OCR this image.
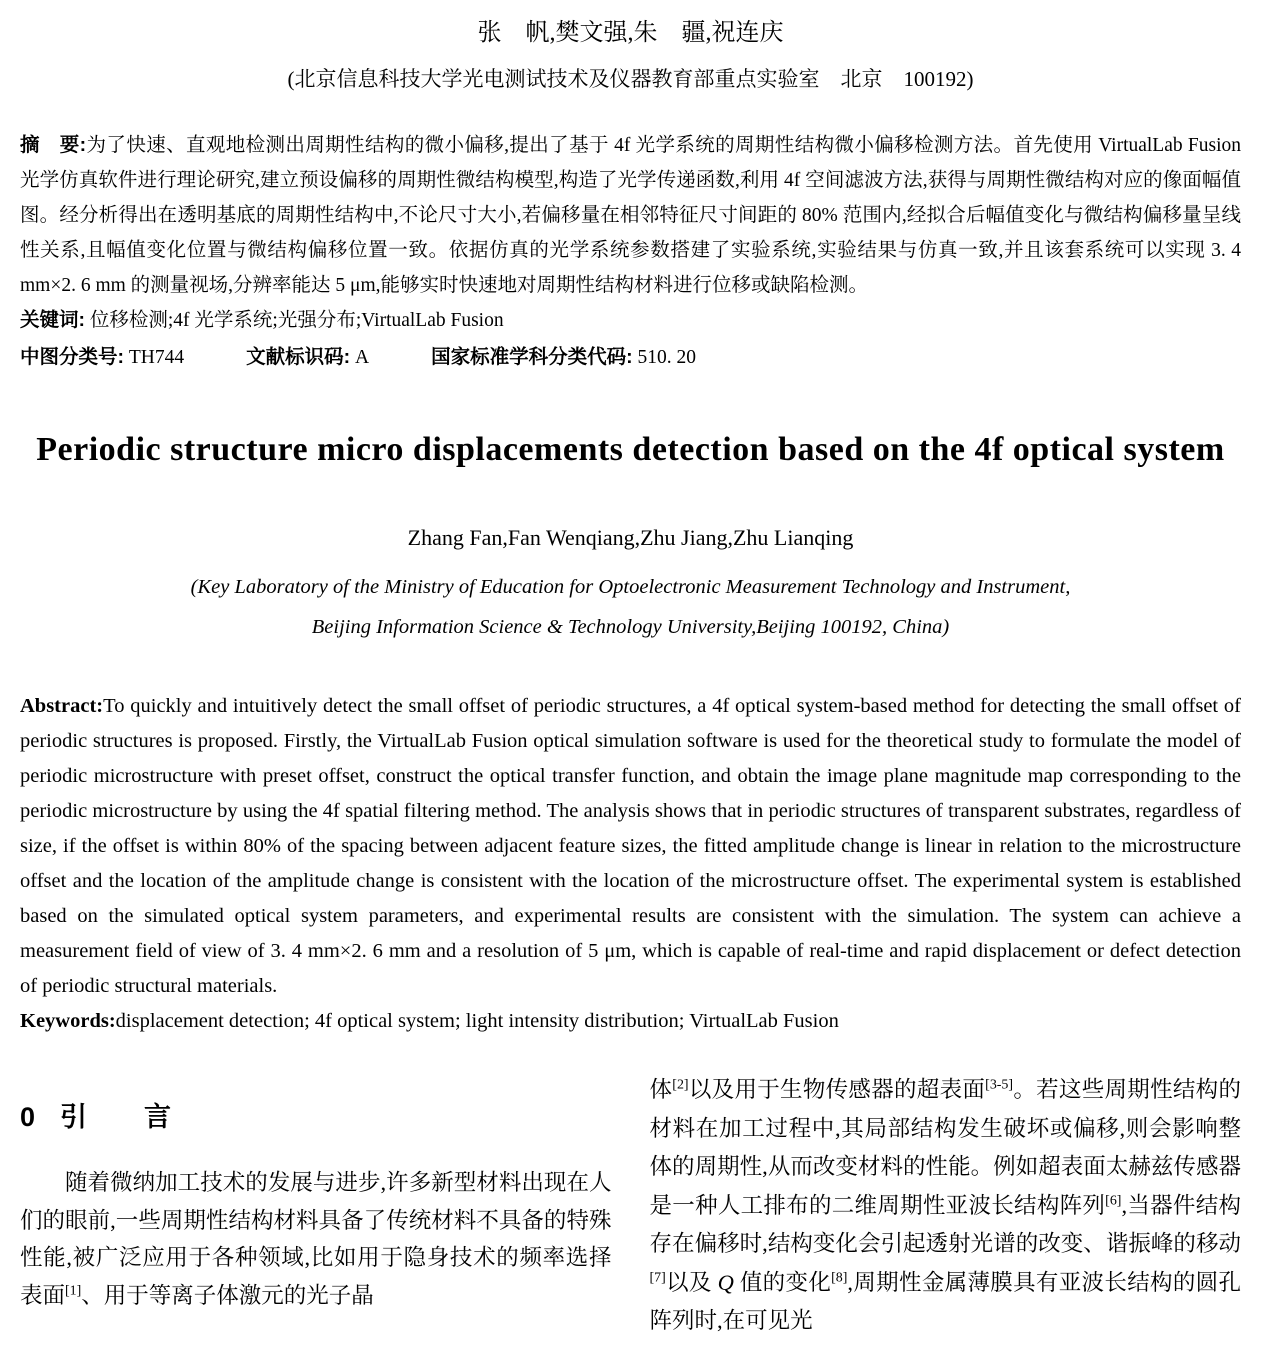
张　帆,樊文强,朱　疆,祝连庆
(北京信息科技大学光电测试技术及仪器教育部重点实验室　北京　100192)

摘　要:为了快速、直观地检测出周期性结构的微小偏移,提出了基于 4f 光学系统的周期性结构微小偏移检测方法。首先使用 VirtualLab Fusion 光学仿真软件进行理论研究,建立预设偏移的周期性微结构模型,构造了光学传递函数,利用 4f 空间滤波方法,获得与周期性微结构对应的像面幅值图。经分析得出在透明基底的周期性结构中,不论尺寸大小,若偏移量在相邻特征尺寸间距的 80% 范围内,经拟合后幅值变化与微结构偏移量呈线性关系,且幅值变化位置与微结构偏移位置一致。依据仿真的光学系统参数搭建了实验系统,实验结果与仿真一致,并且该套系统可以实现 3. 4 mm×2. 6 mm 的测量视场,分辨率能达 5 μm,能够实时快速地对周期性结构材料进行位移或缺陷检测。

关键词: 位移检测;4f 光学系统;光强分布;VirtualLab Fusion

中图分类号: TH744	文献标识码: A	国家标准学科分类代码: 510. 20

Periodic structure micro displacements detection based on the 4f optical system
Zhang Fan,Fan Wenqiang,Zhu Jiang,Zhu Lianqing
(Key Laboratory of the Ministry of Education for Optoelectronic Measurement Technology and Instrument,
Beijing Information Science & Technology University,Beijing 100192, China)

Abstract:To quickly and intuitively detect the small offset of periodic structures, a 4f optical system-based method for detecting the small offset of periodic structures is proposed. Firstly, the VirtualLab Fusion optical simulation software is used for the theoretical study to formulate the model of periodic microstructure with preset offset, construct the optical transfer function, and obtain the image plane magnitude map corresponding to the periodic microstructure by using the 4f spatial filtering method. The analysis shows that in periodic structures of transparent substrates, regardless of size, if the offset is within 80% of the spacing between adjacent feature sizes, the fitted amplitude change is linear in relation to the microstructure offset and the location of the amplitude change is consistent with the location of the microstructure offset. The experimental system is established based on the simulated optical system parameters, and experimental results are consistent with the simulation. The system can achieve a measurement field of view of 3. 4 mm×2. 6 mm and a resolution of 5 μm, which is capable of real-time and rapid displacement or defect detection of periodic structural materials.

Keywords:displacement detection; 4f optical system; light intensity distribution; VirtualLab Fusion

0 引　　言

随着微纳加工技术的发展与进步,许多新型材料出现在人们的眼前,一些周期性结构材料具备了传统材料不具备的特殊性能,被广泛应用于各种领域,比如用于隐身技术的频率选择表面[1]、用于等离子体激元的光子晶

体[2]以及用于生物传感器的超表面[3-5]。若这些周期性结构的材料在加工过程中,其局部结构发生破坏或偏移,则会影响整体的周期性,从而改变材料的性能。例如超表面太赫兹传感器是一种人工排布的二维周期性亚波长结构阵列[6],当器件结构存在偏移时,结构变化会引起透射光谱的改变、谐振峰的移动[7]以及 Q 值的变化[8],周期性金属薄膜具有亚波长结构的圆孔阵列时,在可见光
